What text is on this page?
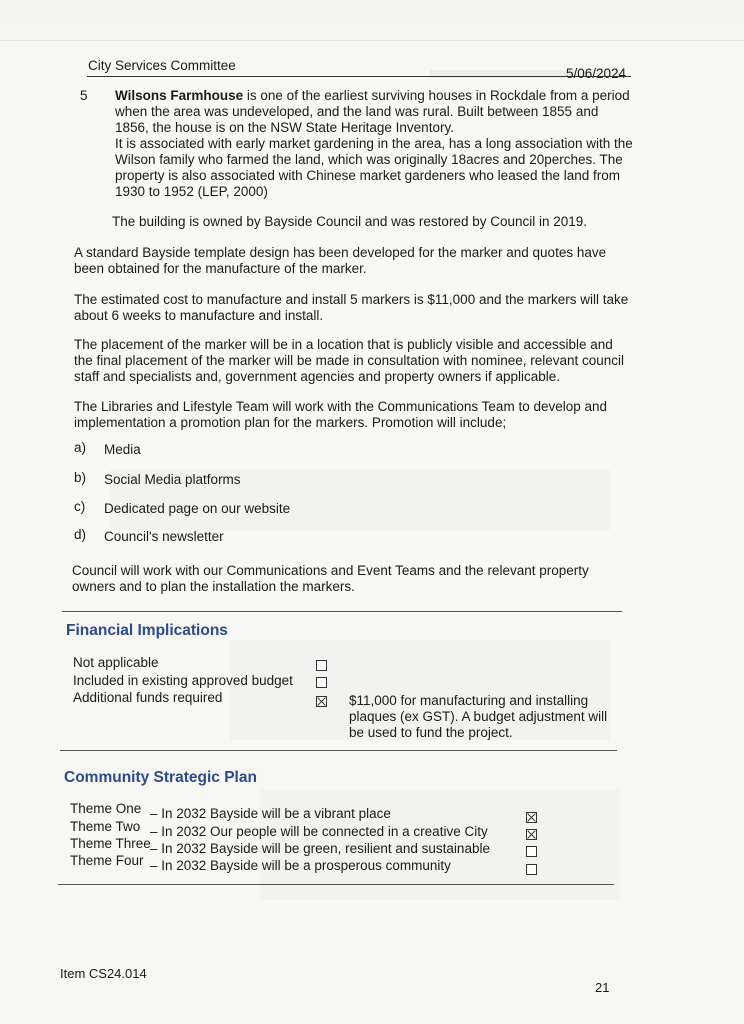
City Services Committee
5/06/2024
5 Wilsons Farmhouse is one of the earliest surviving houses in Rockdale from a period
when the area was undeveloped, and the land was rural. Built between 1855 and
1856, the house is on the NSW State Heritage Inventory.
It is associated with early market gardening in the area, has a long association with the
Wilson family who farmed the land, which was originally 18acres and 20perches. The
property is also associated with Chinese market gardeners who leased the land from
1930 to 1952 (LEP, 2000)
The building is owned by Bayside Council and was restored by Council in 2019.
A standard Bayside template design has been developed for the marker and quotes have
been obtained for the manufacture of the marker.
The estimated cost to manufacture and install 5 markers is $11,000 and the markers will take
about 6 weeks to manufacture and install.
The placement of the marker will be in a location that is publicly visible and accessible and
the final placement of the marker will be made in consultation with nominee, relevant council
staff and specialists and, government agencies and property owners if applicable.
The Libraries and Lifestyle Team will work with the Communications Team to develop and
implementation a promotion plan for the markers. Promotion will include;
a) Media
b) Social Media platforms
c) Dedicated page on our website
d) Council's newsletter
Council will work with our Communications and Event Teams and the relevant property
owners and to plan the installation the markers.
Financial Implications
Not applicable
Included in existing approved budget
Additional funds required	$11,000 for manufacturing and installing
plaques (ex GST). A budget adjustment will
be used to fund the project.
Community Strategic Plan
Theme One – In 2032 Bayside will be a vibrant place
Theme Two – In 2032 Our people will be connected in a creative City
Theme Three – In 2032 Bayside will be green, resilient and sustainable
Theme Four – In 2032 Bayside will be a prosperous community
Item CS24.014
21
